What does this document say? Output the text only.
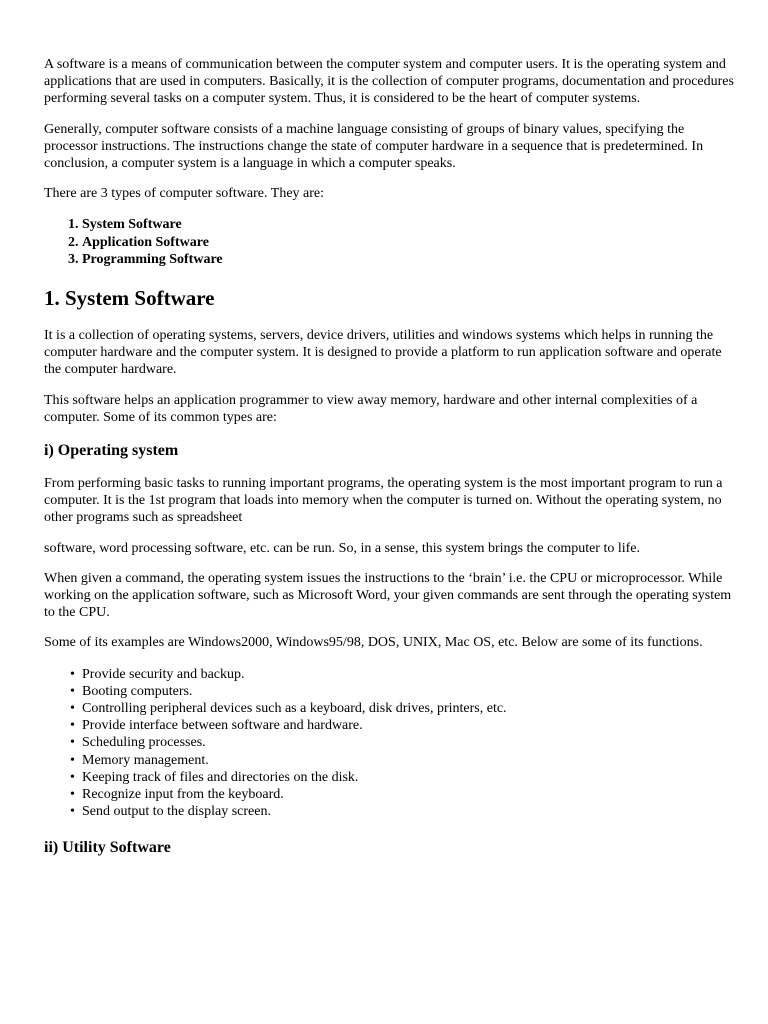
A software is a means of communication between the computer system and computer users. It is the operating system and applications that are used in computers. Basically, it is the collection of computer programs, documentation and procedures performing several tasks on a computer system. Thus, it is considered to be the heart of computer systems.

Generally, computer software consists of a machine language consisting of groups of binary values, specifying the processor instructions. The instructions change the state of computer hardware in a sequence that is predetermined. In conclusion, a computer system is a language in which a computer speaks.

There are 3 types of computer software. They are:

1. System Software
2. Application Software
3. Programming Software
1. System Software

It is a collection of operating systems, servers, device drivers, utilities and windows systems which helps in running the computer hardware and the computer system. It is designed to provide a platform to run application software and operate the computer hardware.

This software helps an application programmer to view away memory, hardware and other internal complexities of a computer. Some of its common types are:

i) Operating system

From performing basic tasks to running important programs, the operating system is the most important program to run a computer. It is the 1st program that loads into memory when the computer is turned on. Without the operating system, no other programs such as spreadsheet

software, word processing software, etc. can be run. So, in a sense, this system brings the computer to life.

When given a command, the operating system issues the instructions to the ‘brain’ i.e. the CPU or microprocessor. While working on the application software, such as Microsoft Word, your given commands are sent through the operating system to the CPU.

Some of its examples are Windows2000, Windows95/98, DOS, UNIX, Mac OS, etc. Below are some of its functions.

• Provide security and backup.
• Booting computers.
• Controlling peripheral devices such as a keyboard, disk drives, printers, etc.
• Provide interface between software and hardware.
• Scheduling processes.
• Memory management.
• Keeping track of files and directories on the disk.
• Recognize input from the keyboard.
• Send output to the display screen.
ii) Utility Software
